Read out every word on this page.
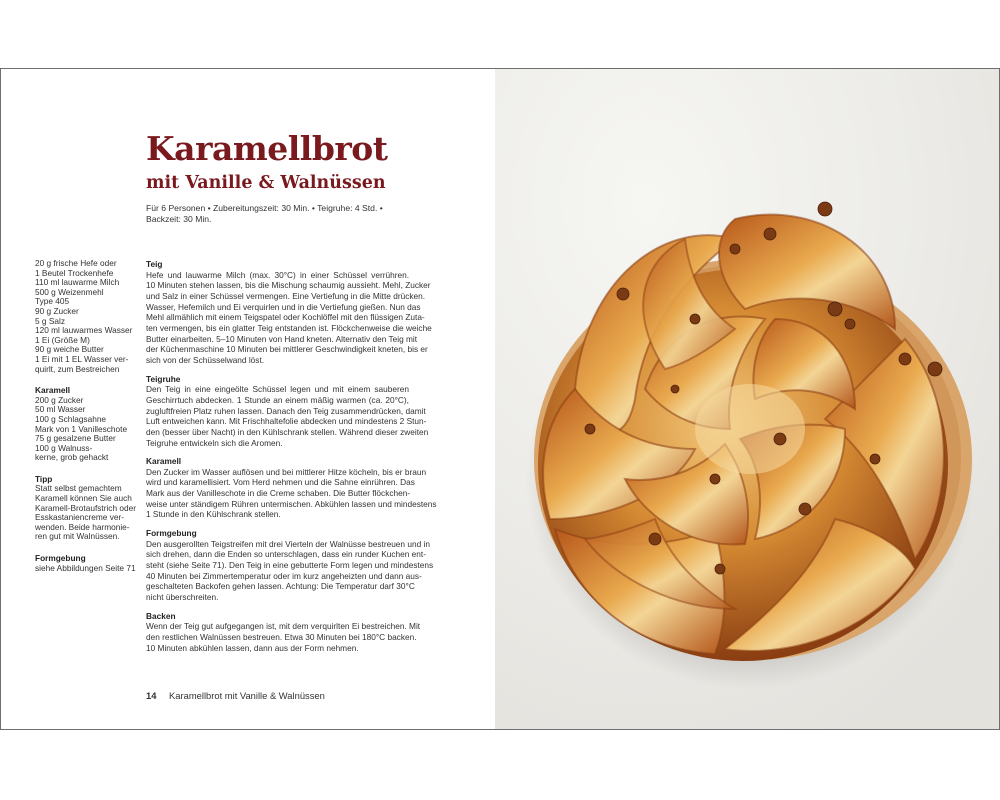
Karamellbrot
mit Vanille & Walnüssen
Für 6 Personen • Zubereitungszeit: 30 Min. • Teigruhe: 4 Std. •
Backzeit: 30 Min.
20 g frische Hefe oder
1 Beutel Trockenhefe
110 ml lauwarme Milch
500 g Weizenmehl
Type 405
90 g Zucker
5 g Salz
120 ml lauwarmes Wasser
1 Ei (Größe M)
90 g weiche Butter
1 Ei mit 1 EL Wasser ver-
quirlt, zum Bestreichen
Karamell
200 g Zucker
50 ml Wasser
100 g Schlagsahne
Mark von 1 Vanilleschote
75 g gesalzene Butter
100 g Walnuss-
kerne, grob gehackt
Tipp
Statt selbst gemachtem
Karamell können Sie auch
Karamell-Brotaufstrich oder
Esskastaniencreme ver-
wenden. Beide harmonie-
ren gut mit Walnüssen.
Formgebung
siehe Abbildungen Seite 71
Teig
Hefe und lauwarme Milch (max. 30°C) in einer Schüssel verrühren.
10 Minuten stehen lassen, bis die Mischung schaumig aussieht. Mehl, Zucker
und Salz in einer Schüssel vermengen. Eine Vertiefung in die Mitte drücken.
Wasser, Hefemilch und Ei verquirlen und in die Vertiefung gießen. Nun das
Mehl allmählich mit einem Teigspatel oder Kochlöffel mit den flüssigen Zuta-
ten vermengen, bis ein glatter Teig entstanden ist. Flöckchenweise die weiche
Butter einarbeiten. 5–10 Minuten von Hand kneten. Alternativ den Teig mit
der Küchenmaschine 10 Minuten bei mittlerer Geschwindigkeit kneten, bis er
sich von der Schüsselwand löst.
Teigruhe
Den Teig in eine eingeölte Schüssel legen und mit einem sauberen
Geschirrtuch abdecken. 1 Stunde an einem mäßig warmen (ca. 20°C),
zugluftfreien Platz ruhen lassen. Danach den Teig zusammendrücken, damit
Luft entweichen kann. Mit Frischhaltefolie abdecken und mindestens 2 Stun-
den (besser über Nacht) in den Kühlschrank stellen. Während dieser zweiten
Teigruhe entwickeln sich die Aromen.
Karamell
Den Zucker im Wasser auflösen und bei mittlerer Hitze köcheln, bis er braun
wird und karamellisiert. Vom Herd nehmen und die Sahne einrühren. Das
Mark aus der Vanilleschote in die Creme schaben. Die Butter flöckchen-
weise unter ständigem Rühren untermischen. Abkühlen lassen und mindestens
1 Stunde in den Kühlschrank stellen.
Formgebung
Den ausgerollten Teigstreifen mit drei Vierteln der Walnüsse bestreuen und in
sich drehen, dann die Enden so unterschlagen, dass ein runder Kuchen ent-
steht (siehe Seite 71). Den Teig in eine gebutterte Form legen und mindestens
40 Minuten bei Zimmertemperatur oder im kurz angeheizten und dann aus-
geschalteten Backofen gehen lassen. Achtung: Die Temperatur darf 30°C
nicht überschreiten.
Backen
Wenn der Teig gut aufgegangen ist, mit dem verquirlten Ei bestreichen. Mit
den restlichen Walnüssen bestreuen. Etwa 30 Minuten bei 180°C backen.
10 Minuten abkühlen lassen, dann aus der Form nehmen.
14 Karamellbrot mit Vanille & Walnüssen
